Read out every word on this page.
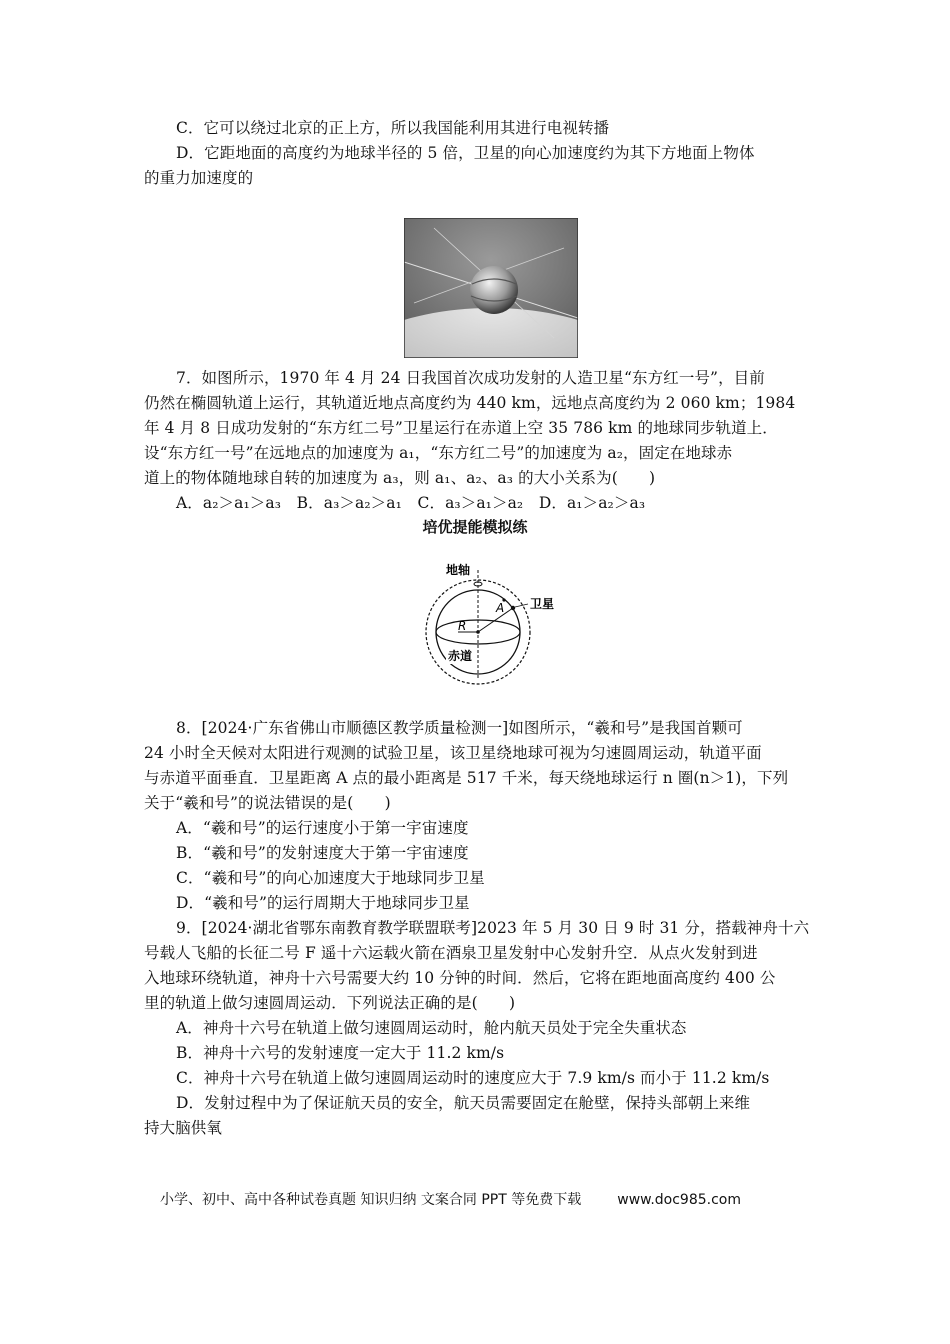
C．它可以绕过北京的正上方，所以我国能利用其进行电视转播
D．它距地面的高度约为地球半径的 5 倍，卫星的向心加速度约为其下方地面上物体
的重力加速度的
7．如图所示，1970 年 4 月 24 日我国首次成功发射的人造卫星“东方红一号”，目前
仍然在椭圆轨道上运行，其轨道近地点高度约为 440 km，远地点高度约为 2 060 km；1984
年 4 月 8 日成功发射的“东方红二号”卫星运行在赤道上空 35 786 km 的地球同步轨道上．
设“东方红一号”在远地点的加速度为 a₁，“东方红二号”的加速度为 a₂，固定在地球赤
道上的物体随地球自转的加速度为 a₃，则 a₁、a₂、a₃ 的大小关系为(　　)
A．a₂＞a₁＞a₃　B．a₃＞a₂＞a₁　C．a₃＞a₁＞a₂　D．a₁＞a₂＞a₃
培优提能模拟练
地轴
卫星
A
R
赤道
8．[2024·广东省佛山市顺德区教学质量检测一]如图所示，“羲和号”是我国首颗可
24 小时全天候对太阳进行观测的试验卫星，该卫星绕地球可视为匀速圆周运动，轨道平面
与赤道平面垂直．卫星距离 A 点的最小距离是 517 千米，每天绕地球运行 n 圈(n＞1)，下列
关于“羲和号”的说法错误的是(　　)
A．“羲和号”的运行速度小于第一宇宙速度
B．“羲和号”的发射速度大于第一宇宙速度
C．“羲和号”的向心加速度大于地球同步卫星
D．“羲和号”的运行周期大于地球同步卫星
9．[2024·湖北省鄂东南教育教学联盟联考]2023 年 5 月 30 日 9 时 31 分，搭载神舟十六
号载人飞船的长征二号 F 遥十六运载火箭在酒泉卫星发射中心发射升空．从点火发射到进
入地球环绕轨道，神舟十六号需要大约 10 分钟的时间．然后，它将在距地面高度约 400 公
里的轨道上做匀速圆周运动．下列说法正确的是(　　)
A．神舟十六号在轨道上做匀速圆周运动时，舱内航天员处于完全失重状态
B．神舟十六号的发射速度一定大于 11.2 km/s
C．神舟十六号在轨道上做匀速圆周运动时的速度应大于 7.9 km/s 而小于 11.2 km/s
D．发射过程中为了保证航天员的安全，航天员需要固定在舱壁，保持头部朝上来维
持大脑供氧
小学、初中、高中各种试卷真题 知识归纳 文案合同 PPT 等免费下载	www.doc985.com
